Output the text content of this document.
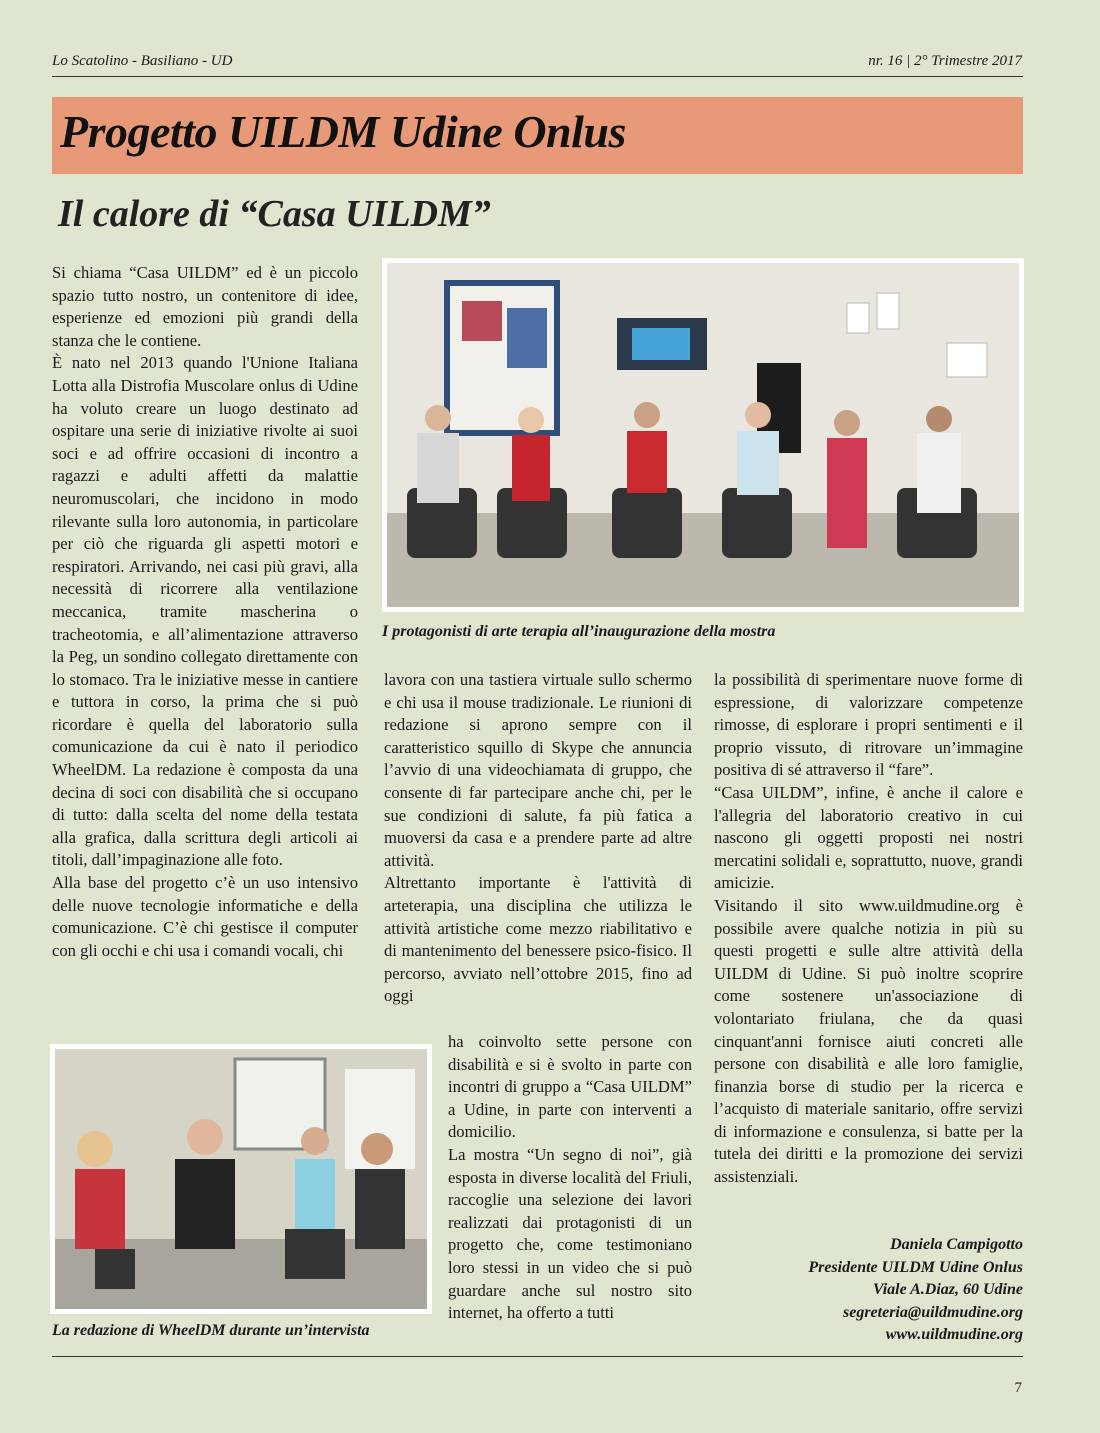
Lo Scatolino - Basiliano - UD	nr. 16 | 2° Trimestre 2017
Progetto UILDM Udine Onlus
Il calore di “Casa UILDM”

Si chiama “Casa UILDM” ed è un piccolo spazio tutto nostro, un contenitore di idee, esperienze ed emozioni più grandi della stanza che le contiene.

È nato nel 2013 quando l'Unione Italiana Lotta alla Distrofia Muscolare onlus di Udine ha voluto creare un luogo destinato ad ospitare una serie di iniziative rivolte ai suoi soci e ad offrire occasioni di incontro a ragazzi e adulti affetti da malattie neuromuscolari, che incidono in modo rilevante sulla loro autonomia, in particolare per ciò che riguarda gli aspetti motori e respiratori. Arrivando, nei casi più gravi, alla necessità di ricorrere alla ventilazione meccanica, tramite mascherina o tracheotomia, e all’alimentazione attraverso la Peg, un sondino collegato direttamente con lo stomaco. Tra le iniziative messe in cantiere e tuttora in corso, la prima che si può ricordare è quella del laboratorio sulla comunicazione da cui è nato il periodico WheelDM. La redazione è composta da una decina di soci con disabilità che si occupano di tutto: dalla scelta del nome della testata alla grafica, dalla scrittura degli articoli ai titoli, dall’impaginazione alle foto.

Alla base del progetto c’è un uso intensivo delle nuove tecnologie informatiche e della comunicazione. C’è chi gestisce il computer con gli occhi e chi usa i comandi vocali, chi

I protagonisti di arte terapia all’inaugurazione della mostra

lavora con una tastiera virtuale sullo schermo e chi usa il mouse tradizionale. Le riunioni di redazione si aprono sempre con il caratteristico squillo di Skype che annuncia l’avvio di una videochiamata di gruppo, che consente di far partecipare anche chi, per le sue condizioni di salute, fa più fatica a muoversi da casa e a prendere parte ad altre attività.

Altrettanto importante è l'attività di arteterapia, una disciplina che utilizza le attività artistiche come mezzo riabilitativo e di mantenimento del benessere psico-fisico. Il percorso, avviato nell’ottobre 2015, fino ad oggi

ha coinvolto sette persone con disabilità e si è svolto in parte con incontri di gruppo a “Casa UILDM” a Udine, in parte con interventi a domicilio.

La mostra “Un segno di noi”, già esposta in diverse località del Friuli, raccoglie una selezione dei lavori realizzati dai protagonisti di un progetto che, come testimoniano loro stessi in un video che si può guardare anche sul nostro sito internet, ha offerto a tutti

La redazione di WheelDM durante un’intervista

la possibilità di sperimentare nuove forme di espressione, di valorizzare competenze rimosse, di esplorare i propri sentimenti e il proprio vissuto, di ritrovare un’immagine positiva di sé attraverso il “fare”.

“Casa UILDM”, infine, è anche il calore e l'allegria del laboratorio creativo in cui nascono gli oggetti proposti nei nostri mercatini solidali e, soprattutto, nuove, grandi amicizie.

Visitando il sito www.uildmudine.org è possibile avere qualche notizia in più su questi progetti e sulle altre attività della UILDM di Udine. Si può inoltre scoprire come sostenere un'associazione di volontariato friulana, che da quasi cinquant'anni fornisce aiuti concreti alle persone con disabilità e alle loro famiglie, finanzia borse di studio per la ricerca e l’acquisto di materiale sanitario, offre servizi di informazione e consulenza, si batte per la tutela dei diritti e la promozione dei servizi assistenziali.

Daniela Campigotto
Presidente UILDM Udine Onlus
Viale A.Diaz, 60 Udine
segreteria@uildmudine.org
www.uildmudine.org
7
